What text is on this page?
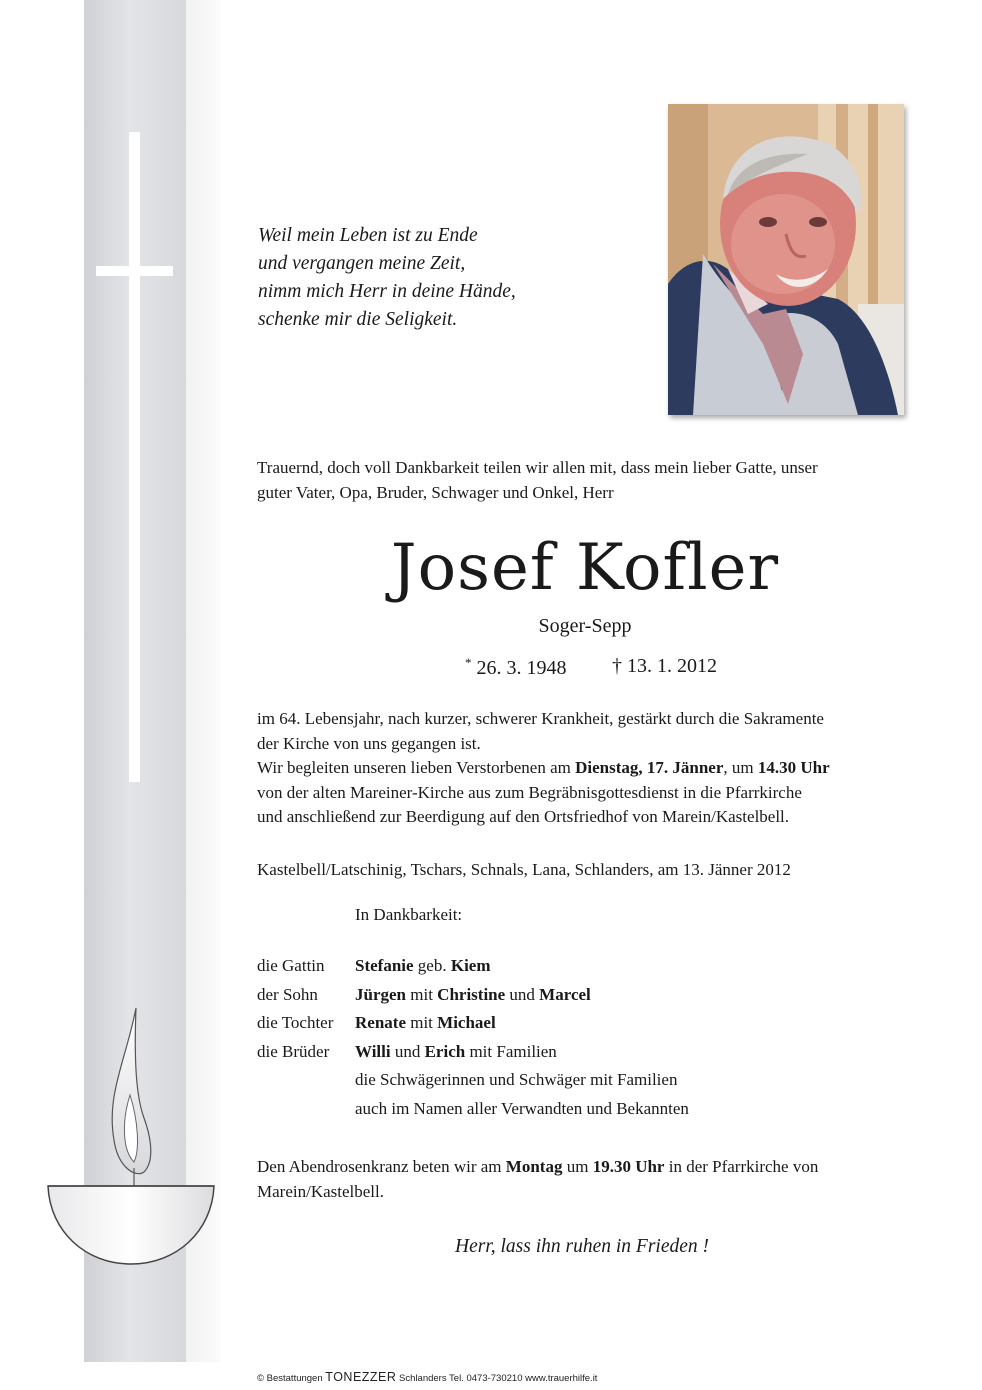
Weil mein Leben ist zu Ende
und vergangen meine Zeit,
nimm mich Herr in deine Hände,
schenke mir die Seligkeit.
Trauernd, doch voll Dankbarkeit teilen wir allen mit, dass mein lieber Gatte, unser
guter Vater, Opa, Bruder, Schwager und Onkel, Herr
Josef Kofler
Soger-Sepp
* 26. 3. 1948 † 13. 1. 2012
im 64. Lebensjahr, nach kurzer, schwerer Krankheit, gestärkt durch die Sakramente
der Kirche von uns gegangen ist.
Wir begleiten unseren lieben Verstorbenen am Dienstag, 17. Jänner, um 14.30 Uhr
von der alten Mareiner-Kirche aus zum Begräbnisgottesdienst in die Pfarrkirche
und anschließend zur Beerdigung auf den Ortsfriedhof von Marein/Kastelbell.
Kastelbell/Latschinig, Tschars, Schnals, Lana, Schlanders, am 13. Jänner 2012
In Dankbarkeit:
die Gattin Stefanie geb. Kiem
der Sohn Jürgen mit Christine und Marcel
die Tochter Renate mit Michael
die Brüder Willi und Erich mit Familien
die Schwägerinnen und Schwäger mit Familien
auch im Namen aller Verwandten und Bekannten
Den Abendrosenkranz beten wir am Montag um 19.30 Uhr in der Pfarrkirche von
Marein/Kastelbell.
Herr, lass ihn ruhen in Frieden !
© Bestattungen TONEZZER Schlanders Tel. 0473-730210 www.trauerhilfe.it
